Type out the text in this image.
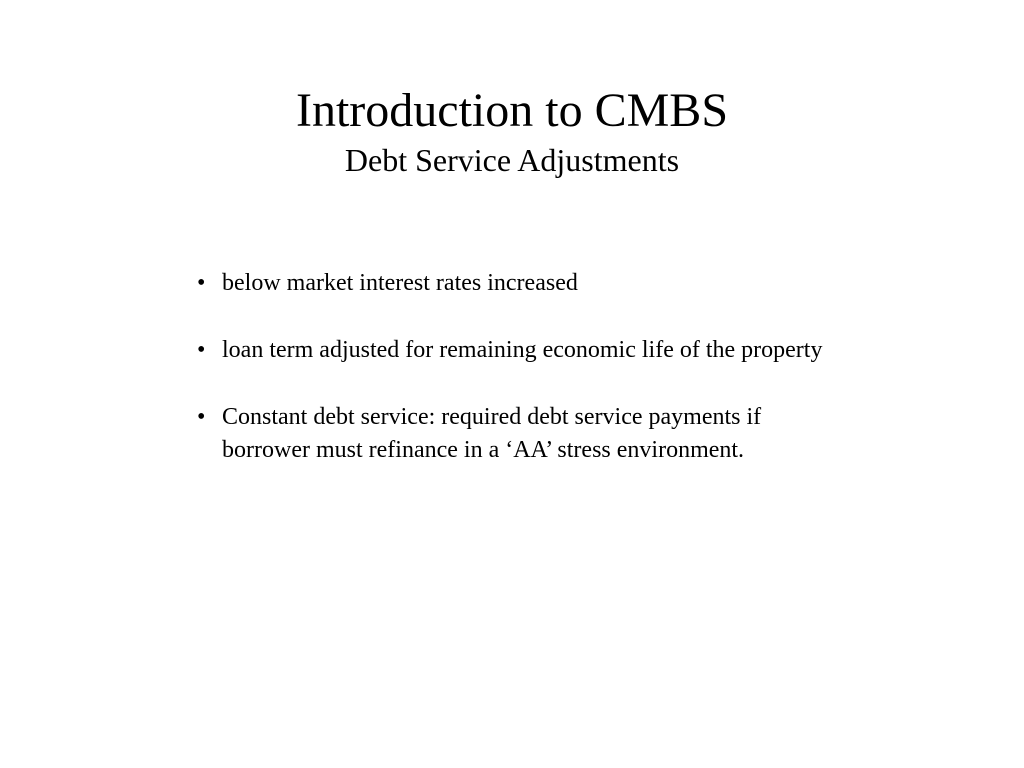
Introduction to CMBS
Debt Service Adjustments
• below market interest rates increased
• loan term adjusted for remaining economic life of the property
• Constant debt service: required debt service payments if borrower must refinance in a ‘AA’ stress environment.
